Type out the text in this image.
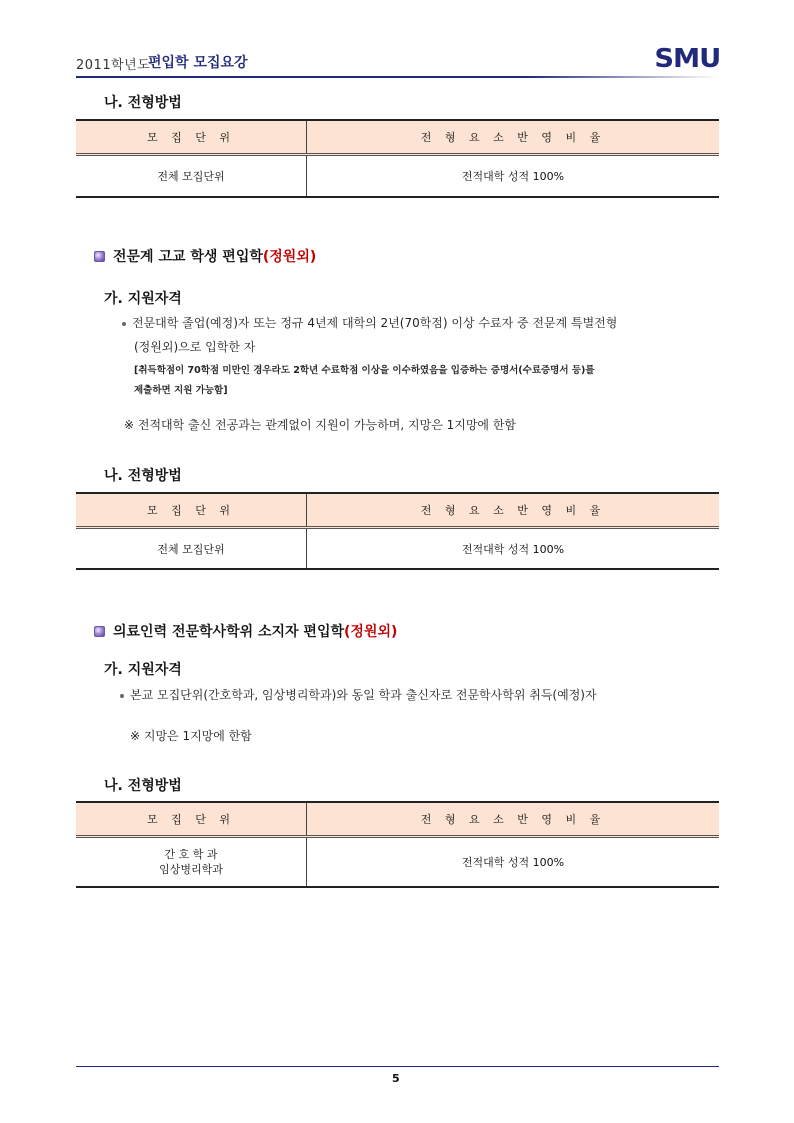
2011학년도
편입학 모집요강	SMU
나. 전형방법
모 집 단 위	전 형 요 소 반 영 비 율
전체 모집단위	전적대학 성적 100%
전문계 고교 학생 편입학 (정원외)
가. 지원자격
전문대학 졸업(예정)자 또는 정규 4년제 대학의 2년(70학점) 이상 수료자 중 전문계 특별전형
(정원외)으로 입학한 자
[취득학점이 70학점 미만인 경우라도 2학년 수료학점 이상을 이수하였음을 입증하는 증명서(수료증명서 등)를
제출하면 지원 가능함]
※ 전적대학 출신 전공과는 관계없이 지원이 가능하며, 지망은 1지망에 한함
나. 전형방법
모 집 단 위	전 형 요 소 반 영 비 율
전체 모집단위	전적대학 성적 100%
의료인력 전문학사학위 소지자 편입학 (정원외)
가. 지원자격
본교 모집단위(간호학과, 임상병리학과)와 동일 학과 출신자로 전문학사학위 취득(예정)자
※ 지망은 1지망에 한함
나. 전형방법
모 집 단 위	전 형 요 소 반 영 비 율

간 호 학 과
임상병리학과	전적대학 성적 100%
5
